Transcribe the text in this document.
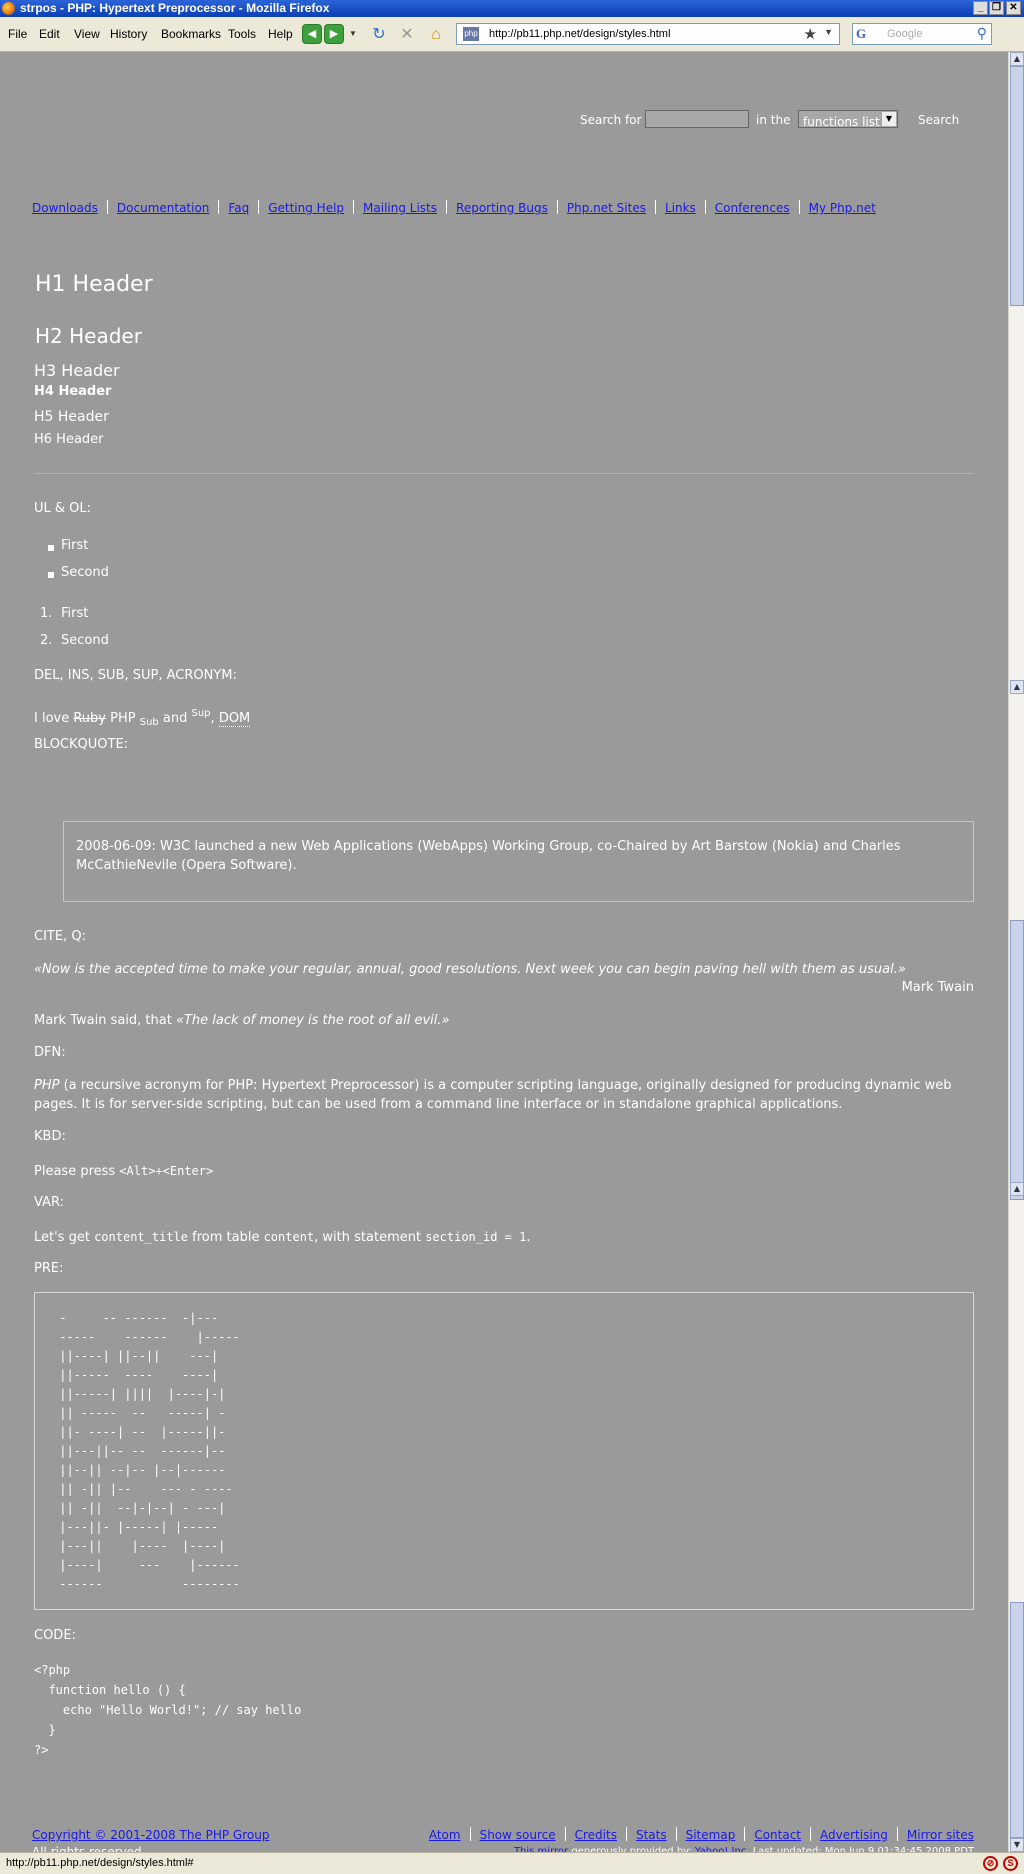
strpos - PHP: Hypertext Preprocessor - Mozilla Firefox	_ ❐ ✕
File Edit View History Bookmarks Tools Help	◀	▶	▼ ↻ ✕	⌂	php http://pb11.php.net/design/styles.html	★ ▼ G Google	⚲
Search for	in the functions list ▼	Search
Downloads Documentation Faq Getting Help Mailing Lists Reporting Bugs Php.net Sites Links Conferences My Php.net
H1 Header
H2 Header
H3 Header
H4 Header
H5 Header
H6 Header
UL & OL:
First
Second
1. First
2. Second
DEL, INS, SUB, SUP, ACRONYM:
I love Ruby PHP $_{Sub}$ and $^{Sup}$, DOM
BLOCKQUOTE:
2008-06-09: W3C launched a new Web Applications (WebApps) Working Group, co-Chaired by Art Barstow (Nokia) and Charles McCathieNevile (Opera Software).
CITE, Q:
«Now is the accepted time to make your regular, annual, good resolutions. Next week you can begin paving hell with them as usual.»
Mark Twain
Mark Twain said, that «The lack of money is the root of all evil.»
DFN:
PHP (a recursive acronym for PHP: Hypertext Preprocessor) is a computer scripting language, originally designed for producing dynamic web pages. It is for server-side scripting, but can be used from a command line interface or in standalone graphical applications.
KBD:
Please press <Alt>+<Enter>
VAR:
Let's get content_title from table content, with statement section_id = 1.
PRE:
-     -- ------  -|---
-----    ------    |-----
||----| ||--||    ---|
||-----  ----    ----|
||-----| ||||  |----|-|
|| -----  --   -----| -
||- ----| --  |-----||-
||---||-- --  ------|--
||--|| --|-- |--|------
|| -|| |--    --- - ----
|| -||  --|-|--| - ---|
|---||- |-----| |-----
|---||    |----  |----|
|----|     ---    |------
------           --------
CODE:
<?php
function hello () {
echo "Hello World!"; // say hello
}
?>
Copyright © 2001-2008 The PHP Group	Atom Show source Credits Stats Sitemap Contact Advertising Mirror sites
▲
▲
▲
▼
http://pb11.php.net/design/styles.html#	⊘	S
